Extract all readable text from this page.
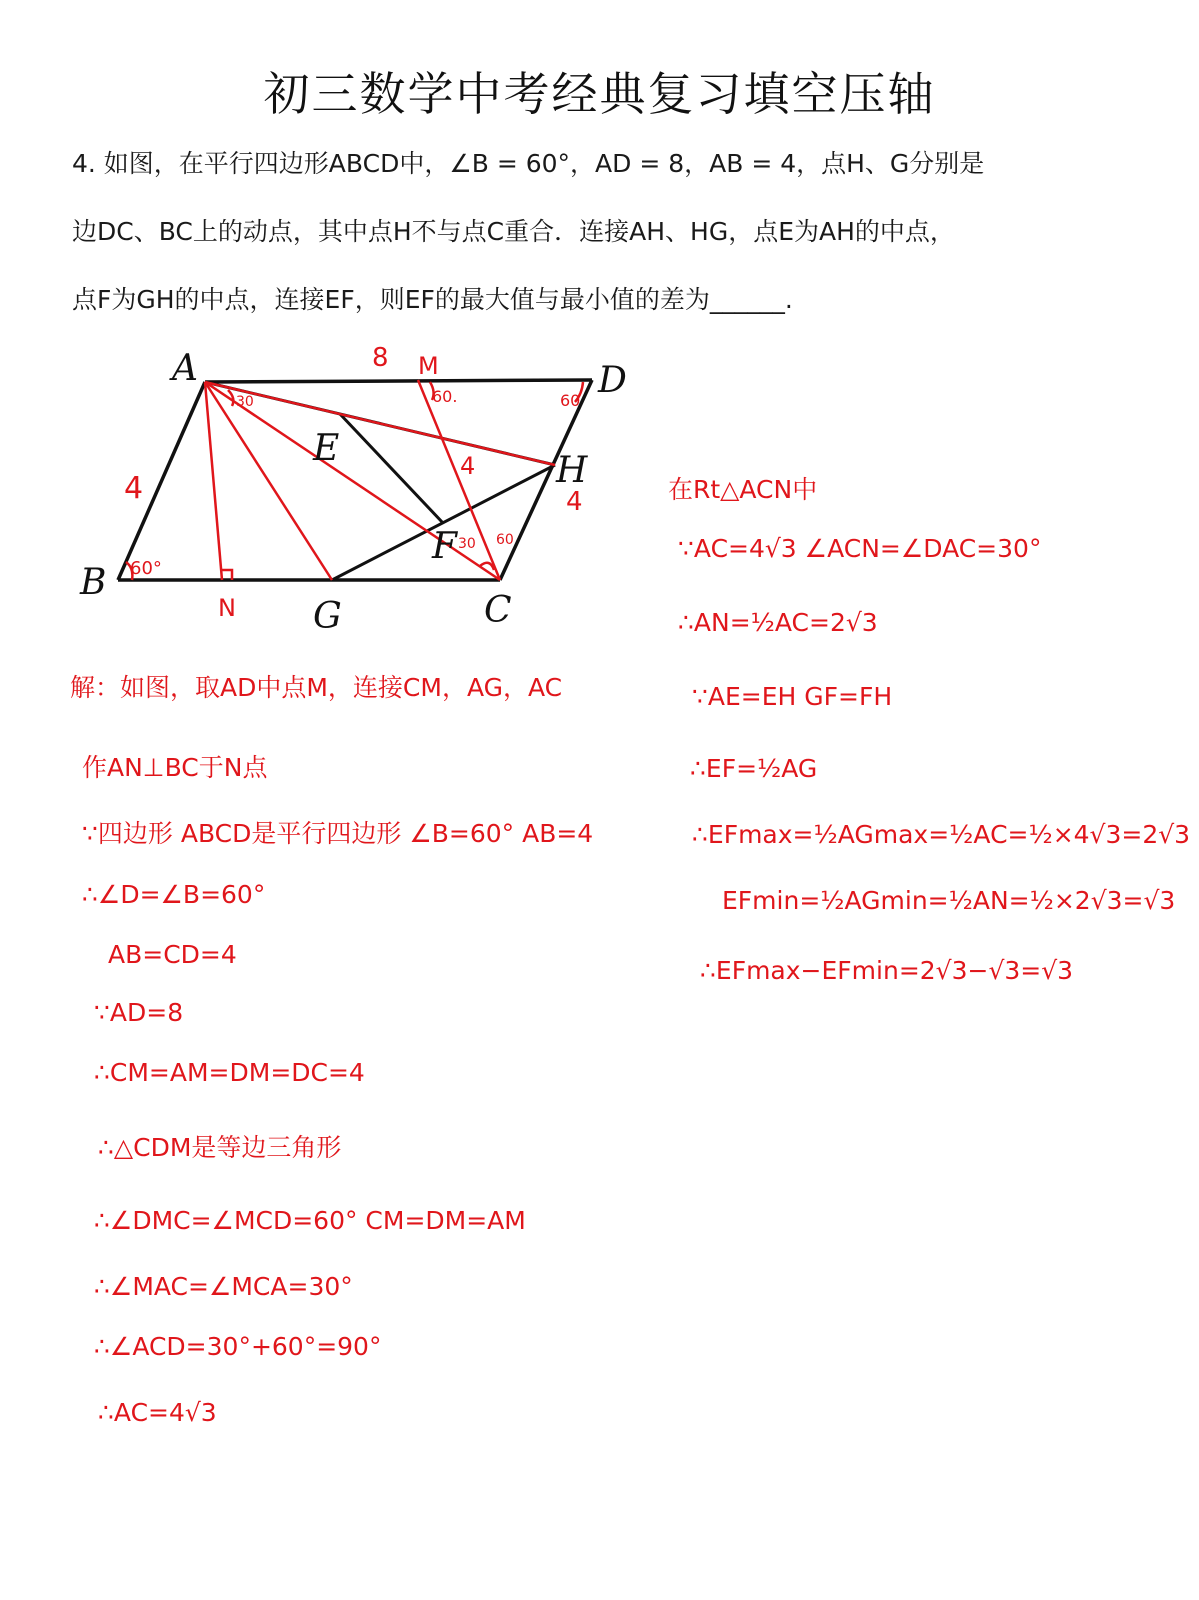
初三数学中考经典复习填空压轴

4. 如图，在平行四边形ABCD中，∠B = 60°，AD = 8，AB = 4，点H、G分别是

边DC、BC上的动点，其中点H不与点C重合．连接AH、HG，点E为AH的中点，

点F为GH的中点，连接EF，则EF的最大值与最小值的差为______.

A
B
C
D
E
F
G
H
M
N
8
4
4
4
60°
60
60.
30
30 60
解：如图，取AD中点M，连接CM，AG，AC
作AN⊥BC于N点
∵四边形 ABCD是平行四边形 ∠B=60° AB=4
∴∠D=∠B=60°
AB=CD=4
∵AD=8
∴CM=AM=DM=DC=4
∴△CDM是等边三角形
∴∠DMC=∠MCD=60° CM=DM=AM
∴∠MAC=∠MCA=30°
∴∠ACD=30°+60°=90°
∴AC=4√3
在Rt△ACN中
∵AC=4√3 ∠ACN=∠DAC=30°
∴AN=½AC=2√3
∵AE=EH GF=FH
∴EF=½AG
∴EFmax=½AGmax=½AC=½×4√3=2√3
EFmin=½AGmin=½AN=½×2√3=√3
∴EFmax−EFmin=2√3−√3=√3
